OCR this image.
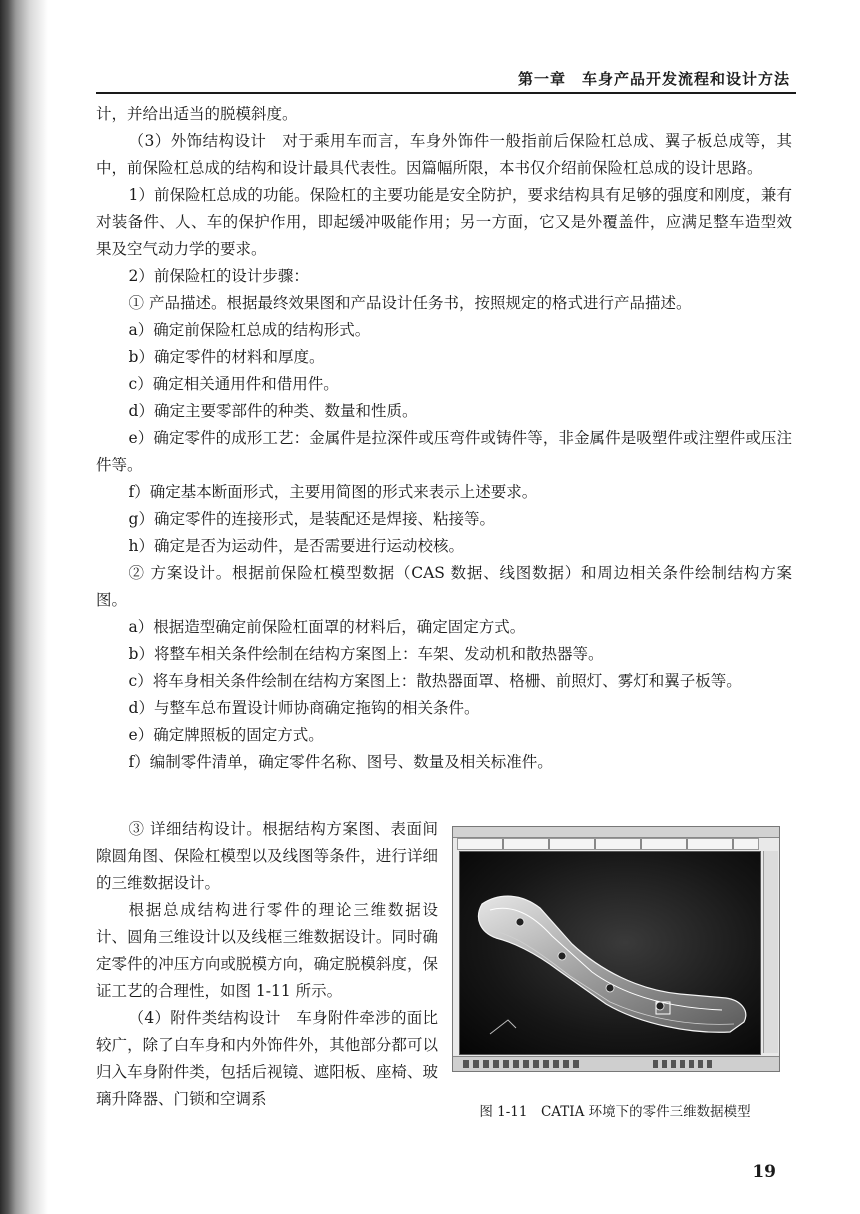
第一章　车身产品开发流程和设计方法

计，并给出适当的脱模斜度。

（3）外饰结构设计　对于乘用车而言，车身外饰件一般指前后保险杠总成、翼子板总成等，其中，前保险杠总成的结构和设计最具代表性。因篇幅所限，本书仅介绍前保险杠总成的设计思路。

1）前保险杠总成的功能。保险杠的主要功能是安全防护，要求结构具有足够的强度和刚度，兼有对装备件、人、车的保护作用，即起缓冲吸能作用；另一方面，它又是外覆盖件，应满足整车造型效果及空气动力学的要求。

2）前保险杠的设计步骤：

① 产品描述。根据最终效果图和产品设计任务书，按照规定的格式进行产品描述。

a）确定前保险杠总成的结构形式。

b）确定零件的材料和厚度。

c）确定相关通用件和借用件。

d）确定主要零部件的种类、数量和性质。

e）确定零件的成形工艺：金属件是拉深件或压弯件或铸件等，非金属件是吸塑件或注塑件或压注件等。

f）确定基本断面形式，主要用简图的形式来表示上述要求。

g）确定零件的连接形式，是装配还是焊接、粘接等。

h）确定是否为运动件，是否需要进行运动校核。

② 方案设计。根据前保险杠模型数据（CAS 数据、线图数据）和周边相关条件绘制结构方案图。

a）根据造型确定前保险杠面罩的材料后，确定固定方式。

b）将整车相关条件绘制在结构方案图上：车架、发动机和散热器等。

c）将车身相关条件绘制在结构方案图上：散热器面罩、格栅、前照灯、雾灯和翼子板等。

d）与整车总布置设计师协商确定拖钩的相关条件。

e）确定牌照板的固定方式。

f）编制零件清单，确定零件名称、图号、数量及相关标准件。

③ 详细结构设计。根据结构方案图、表面间隙圆角图、保险杠模型以及线图等条件，进行详细的三维数据设计。

根据总成结构进行零件的理论三维数据设计、圆角三维设计以及线框三维数据设计。同时确定零件的冲压方向或脱模方向，确定脱模斜度，保证工艺的合理性，如图 1-11 所示。

（4）附件类结构设计　车身附件牵涉的面比较广，除了白车身和内外饰件外，其他部分都可以归入车身附件类，包括后视镜、遮阳板、座椅、玻璃升降器、门锁和空调系

图 1-11　CATIA 环境下的零件三维数据模型
19
